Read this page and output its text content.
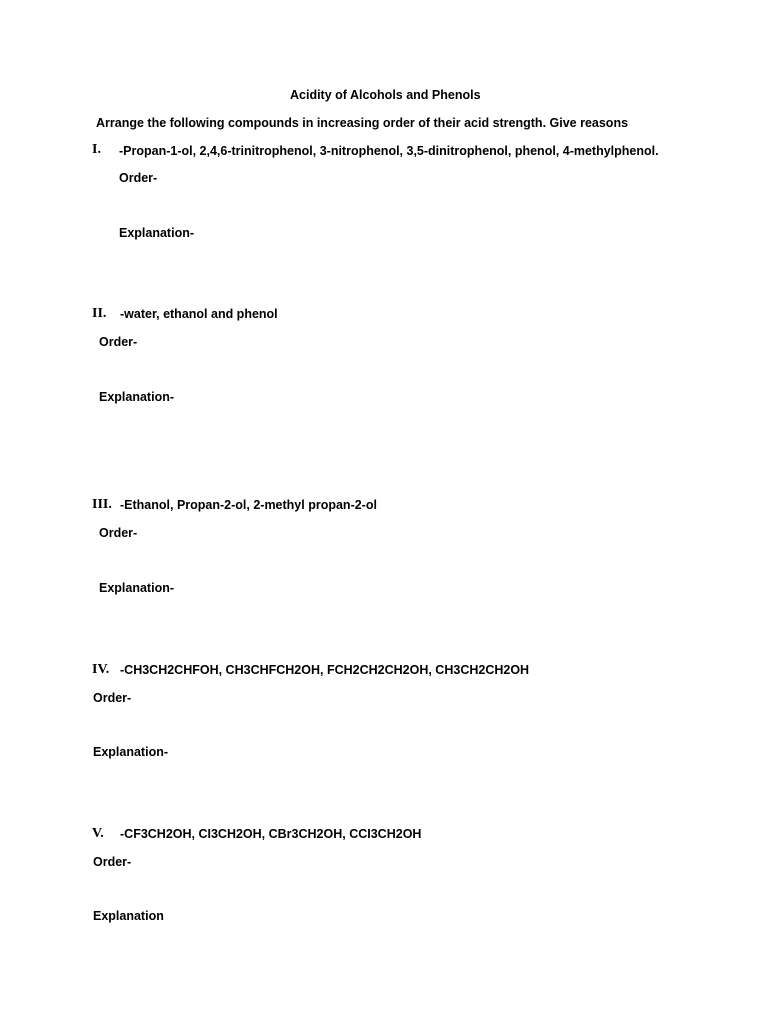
Acidity of Alcohols and Phenols
Arrange the following compounds in increasing order of their acid strength. Give reasons
I. -Propan-1-ol, 2,4,6-trinitrophenol, 3-nitrophenol, 3,5-dinitrophenol, phenol, 4-methylphenol.
Order-
Explanation-
II. -water, ethanol and phenol
Order-
Explanation-
III. -Ethanol, Propan-2-ol, 2-methyl propan-2-ol
Order-
Explanation-
IV. -CH3CH2CHFOH, CH3CHFCH2OH, FCH2CH2CH2OH, CH3CH2CH2OH
Order-
Explanation-
V. -CF3CH2OH, CI3CH2OH, CBr3CH2OH, CCI3CH2OH
Order-
Explanation
